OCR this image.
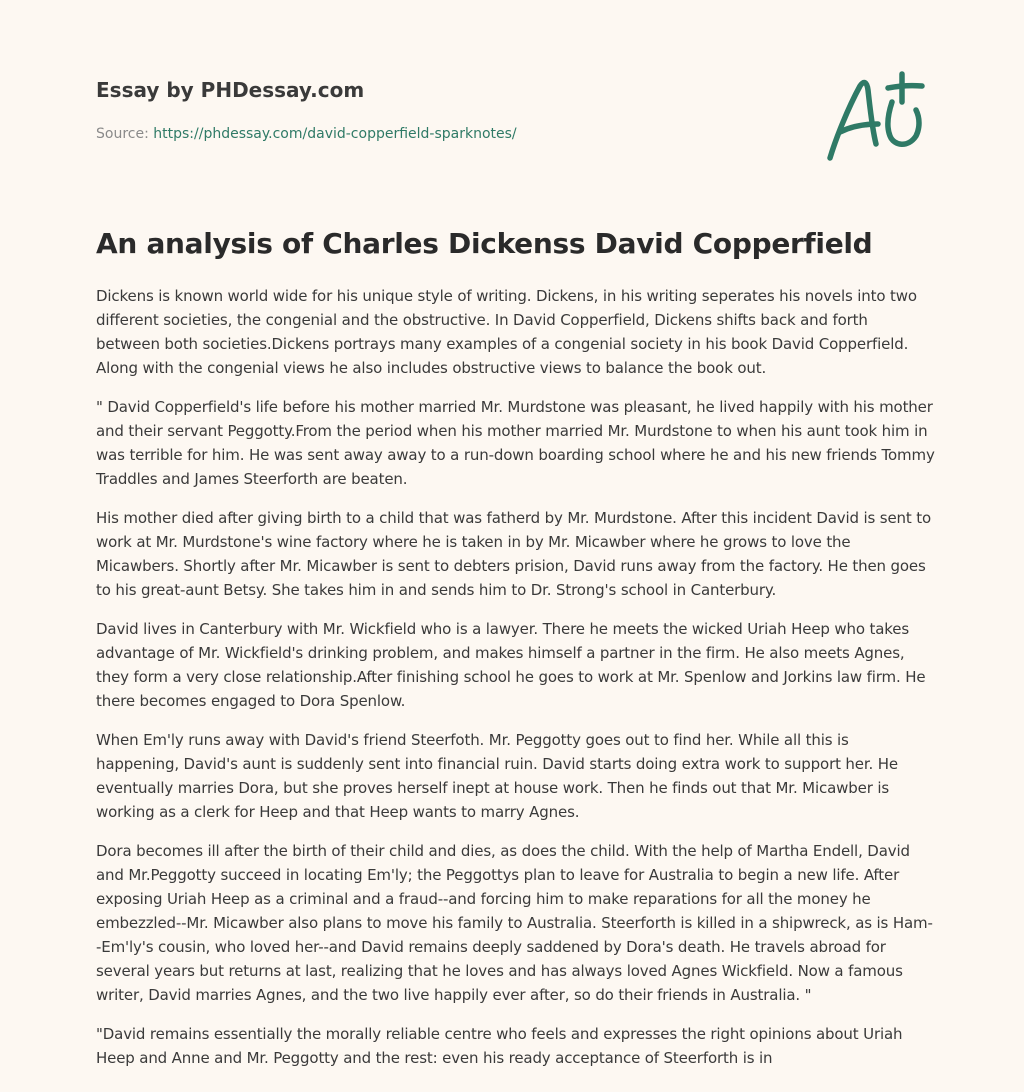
Essay by PHDessay.com
Source: https://phdessay.com/david-copperfield-sparknotes/
An analysis of Charles Dickenss David Copperfield

Dickens is known world wide for his unique style of writing. Dickens, in his writing seperates his novels into two different societies, the congenial and the obstructive. In David Copperfield, Dickens shifts back and forth between both societies.Dickens portrays many examples of a congenial society in his book David Copperfield. Along with the congenial views he also includes obstructive views to balance the book out.

" David Copperfield's life before his mother married Mr. Murdstone was pleasant, he lived happily with his mother and their servant Peggotty.From the period when his mother married Mr. Murdstone to when his aunt took him in was terrible for him. He was sent away away to a run-down boarding school where he and his new friends Tommy Traddles and James Steerforth are beaten.

His mother died after giving birth to a child that was fatherd by Mr. Murdstone. After this incident David is sent to work at Mr. Murdstone's wine factory where he is taken in by Mr. Micawber where he grows to love the Micawbers. Shortly after Mr. Micawber is sent to debters prision, David runs away from the factory. He then goes to his great-aunt Betsy. She takes him in and sends him to Dr. Strong's school in Canterbury.

David lives in Canterbury with Mr. Wickfield who is a lawyer. There he meets the wicked Uriah Heep who takes advantage of Mr. Wickfield's drinking problem, and makes himself a partner in the firm. He also meets Agnes, they form a very close relationship.After finishing school he goes to work at Mr. Spenlow and Jorkins law firm. He there becomes engaged to Dora Spenlow.

When Em'ly runs away with David's friend Steerfoth. Mr. Peggotty goes out to find her. While all this is happening, David's aunt is suddenly sent into financial ruin. David starts doing extra work to support her. He eventually marries Dora, but she proves herself inept at house work. Then he finds out that Mr. Micawber is working as a clerk for Heep and that Heep wants to marry Agnes.

Dora becomes ill after the birth of their child and dies, as does the child. With the help of Martha Endell, David and Mr.Peggotty succeed in locating Em'ly; the Peggottys plan to leave for Australia to begin a new life. After exposing Uriah Heep as a criminal and a fraud--and forcing him to make reparations for all the money he embezzled--Mr. Micawber also plans to move his family to Australia. Steerforth is killed in a shipwreck, as is Ham--Em'ly's cousin, who loved her--and David remains deeply saddened by Dora's death. He travels abroad for several years but returns at last, realizing that he loves and has always loved Agnes Wickfield. Now a famous writer, David marries Agnes, and the two live happily ever after, so do their friends in Australia. "

"David remains essentially the morally reliable centre who feels and expresses the right opinions about Uriah Heep and Anne and Mr. Peggotty and the rest: even his ready acceptance of Steerforth is in
